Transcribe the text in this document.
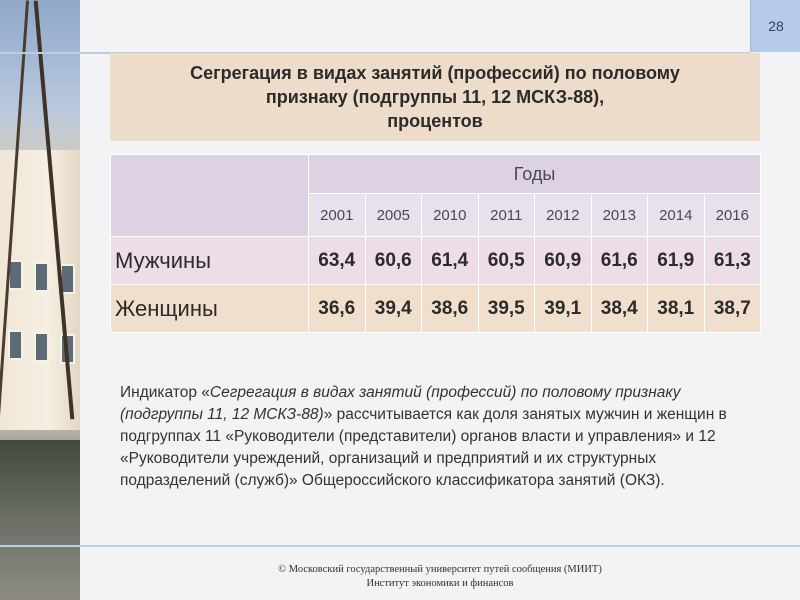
28
Сегрегация в видах занятий (профессий) по половому
признаку (подгруппы 11, 12 МСКЗ-88),
процентов
	Годы							
	2001	2005	2010	2011	2012	2013	2014	2016
Мужчины	63,4	60,6	61,4	60,5	60,9	61,6	61,9	61,3
Женщины	36,6	39,4	38,6	39,5	39,1	38,4	38,1	38,7
Индикатор «Сегрегация в видах занятий (профессий) по половому признаку (подгруппы 11, 12 МСКЗ-88)» рассчитывается как доля занятых мужчин и женщин в подгруппах 11 «Руководители (представители) органов власти и управления» и 12 «Руководители учреждений, организаций и предприятий и их структурных подразделений (служб)» Общероссийского классификатора занятий (ОКЗ).
© Московский государственный университет путей сообщения (МИИТ)
Институт экономики и финансов
